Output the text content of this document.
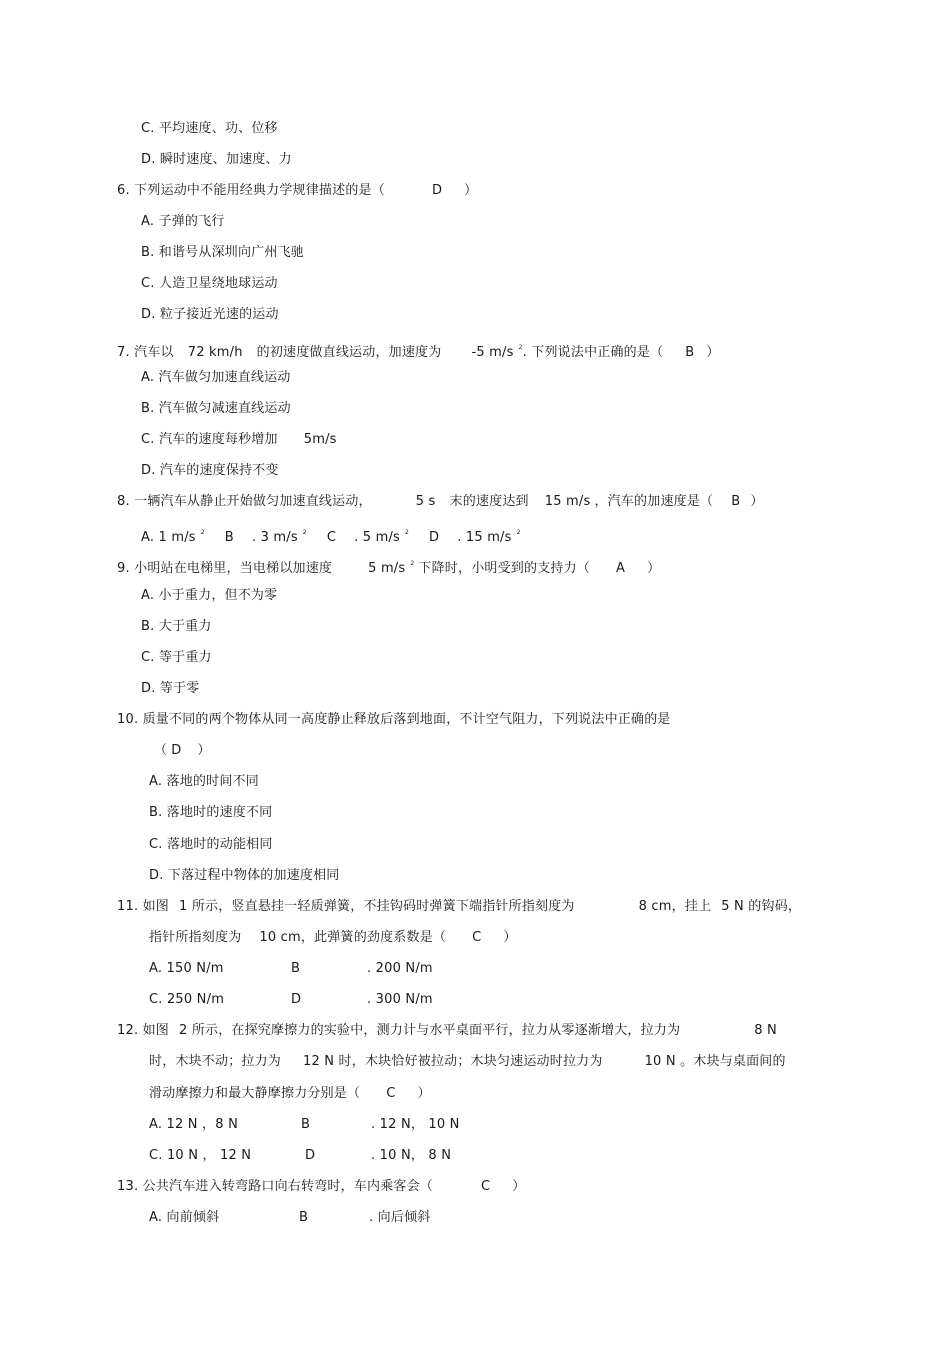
C. 平均速度、功、位移
D. 瞬时速度、加速度、力
6. 下列运动中不能用经典力学规律描述的是（	D ）
A. 子弹的飞行
B. 和谐号从深圳向广州飞驰
C. 人造卫星绕地球运动
D. 粒子接近光速的运动
7. 汽车以 72 km/h 的初速度做直线运动，加速度为 -5 m/s $^2$. 下列说法中正确的是（ B ）
A. 汽车做匀加速直线运动
B. 汽车做匀减速直线运动
C. 汽车的速度每秒增加 5m/s
D. 汽车的速度保持不变
8. 一辆汽车从静止开始做匀加速直线运动，	5 s 末的速度达到 15 m/s ，汽车的加速度是（ B ）
A. 1 m/s $^2$ B . 3 m/s $^2$ C . 5 m/s $^2$ D . 15 m/s $^2$
9. 小明站在电梯里，当电梯以加速度	5 m/s $^2$ 下降时，小明受到的支持力（ A ）
A. 小于重力，但不为零
B. 大于重力
C. 等于重力
D. 等于零
10. 质量不同的两个物体从同一高度静止释放后落到地面，不计空气阻力，下列说法中正确的是
（ D ）
A. 落地的时间不同
B. 落地时的速度不同
C. 落地时的动能相同
D. 下落过程中物体的加速度相同
11. 如图 1 所示，竖直悬挂一轻质弹簧，不挂钩码时弹簧下端指针所指刻度为	8 cm，挂上 5 N 的钩码，
指针所指刻度为 10 cm，此弹簧的劲度系数是（ C ）
A. 150 N/m	B	. 200 N/m
C. 250 N/m	D	. 300 N/m
12. 如图 2 所示，在探究摩擦力的实验中，测力计与水平桌面平行，拉力从零逐渐增大，拉力为	8 N
时，木块不动；拉力为 12 N 时，木块恰好被拉动；木块匀速运动时拉力为	10 N 。木块与桌面间的
滑动摩擦力和最大静摩擦力分别是（ C ）
A. 12 N ，8 N	B	. 12 N， 10 N
C. 10 N ， 12 N	D	. 10 N， 8 N
13. 公共汽车进入转弯路口向右转弯时，车内乘客会（	C ）
A. 向前倾斜	B	. 向后倾斜
